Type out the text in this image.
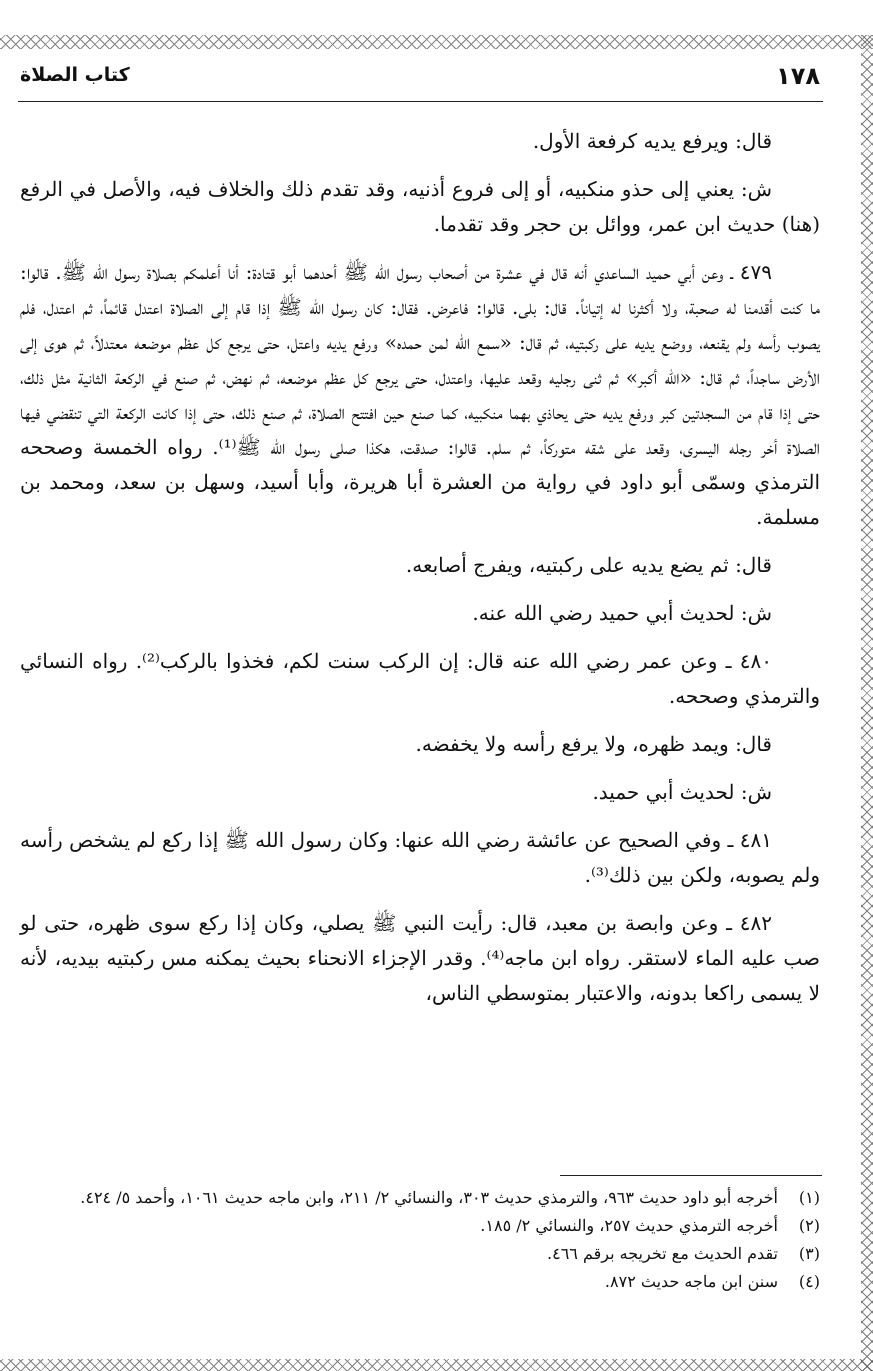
١٧٨
كتاب الصلاة

قال: ويرفع يديه كرفعة الأول.

ش: يعني إلى حذو منكبيه، أو إلى فروع أذنيه، وقد تقدم ذلك والخلاف فيه، والأصل في الرفع (هنا) حديث ابن عمر، ووائل بن حجر وقد تقدما.

٤٧٩ ـ وعن أبي حميد الساعدي أنه قال في عشرة من أصحاب رسول الله ﷺ أحدهما أبو قتادة: أنا أعلمكم بصلاة رسول الله ﷺ. قالوا: ما كنت أقدمنا له صحبة، ولا أكثرنا له إتياناً. قال: بلى. قالوا: فاعرض. فقال: كان رسول الله ﷺ إذا قام إلى الصلاة اعتدل قائماً، ثم اعتدل، فلم يصوب رأسه ولم يقنعه، ووضع يديه على ركبتيه، ثم قال: «سمع الله لمن حمده» ورفع يديه واعتل، حتى يرجع كل عظم موضعه معتدلاً، ثم هوى إلى الأرض ساجداً، ثم قال: «الله أكبر» ثم ثنى رجليه وقعد عليها، واعتدل، حتى يرجع كل عظم موضعه، ثم نهض، ثم صنع في الركعة الثانية مثل ذلك، حتى إذا قام من السجدتين كبر ورفع يديه حتى يحاذي بهما منكبيه، كما صنع حين افتتح الصلاة، ثم صنع ذلك، حتى إذا كانت الركعة التي تنقضي فيها الصلاة أخر رجله اليسرى، وقعد على شقه متوركاً، ثم سلم. قالوا: صدقت، هكذا صلى رسول الله ﷺ⁽¹⁾. رواه الخمسة وصححه الترمذي وسمّى أبو داود في رواية من العشرة أبا هريرة، وأبا أسيد، وسهل بن سعد، ومحمد بن مسلمة.

قال: ثم يضع يديه على ركبتيه، ويفرج أصابعه.

ش: لحديث أبي حميد رضي الله عنه.

٤٨٠ ـ وعن عمر رضي الله عنه قال: إن الركب سنت لكم، فخذوا بالركب⁽²⁾. رواه النسائي والترمذي وصححه.

قال: ويمد ظهره، ولا يرفع رأسه ولا يخفضه.

ش: لحديث أبي حميد.

٤٨١ ـ وفي الصحيح عن عائشة رضي الله عنها: وكان رسول الله ﷺ إذا ركع لم يشخص رأسه ولم يصوبه، ولكن بين ذلك⁽³⁾.

٤٨٢ ـ وعن وابصة بن معبد، قال: رأيت النبي ﷺ يصلي، وكان إذا ركع سوى ظهره، حتى لو صب عليه الماء لاستقر. رواه ابن ماجه⁽⁴⁾. وقدر الإجزاء الانحناء بحيث يمكنه مس ركبتيه بيديه، لأنه لا يسمى راكعا بدونه، والاعتبار بمتوسطي الناس،

(١)
أخرجه أبو داود حديث ٩٦٣، والترمذي حديث ٣٠٣، والنسائي ٢/ ٢١١، وابن ماجه حديث ١٠٦١، وأحمد ٥/ ٤٢٤.
(٢)
أخرجه الترمذي حديث ٢٥٧، والنسائي ٢/ ١٨٥.
(٣)
تقدم الحديث مع تخريجه برقم ٤٦٦.
(٤)
سنن ابن ماجه حديث ٨٧٢.
